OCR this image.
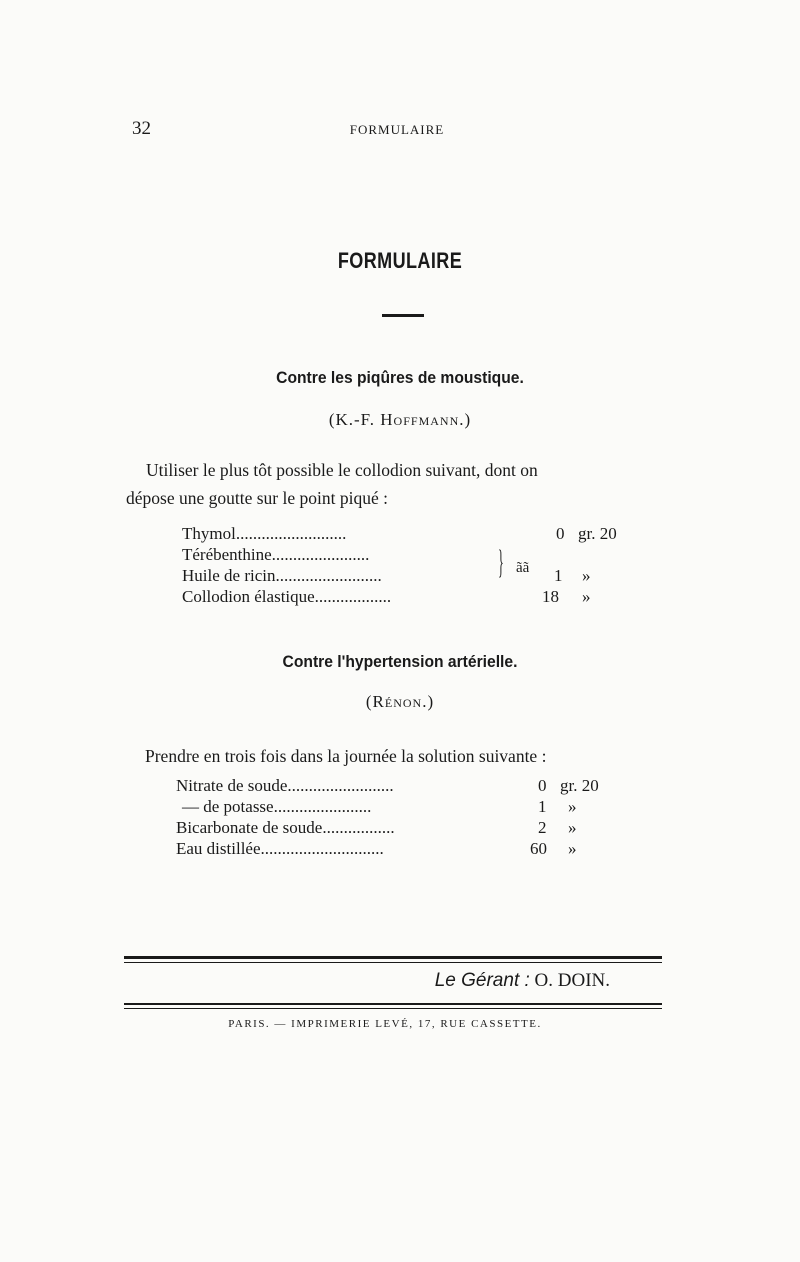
32	FORMULAIRE
FORMULAIRE
Contre les piqûres de moustique.
(K.-F. Hoffmann.)

Utiliser le plus tôt possible le collodion suivant, dont on

dépose une goutte sur le point piqué :

Thymol..........................	0 gr. 20
Térébenthine.......................
Huile de ricin.........................	1 »
Collodion élastique..................	18 »
} ãã
Contre l'hypertension artérielle.
(Rénon.)

Prendre en trois fois dans la journée la solution suivante :

Nitrate de soude.........................	0 gr. 20
— de potasse.......................	1 »
Bicarbonate de soude.................	2 »
Eau distillée.............................	60 »
Le Gérant : O. DOIN.
PARIS. — IMPRIMERIE LEVÉ, 17, RUE CASSETTE.
